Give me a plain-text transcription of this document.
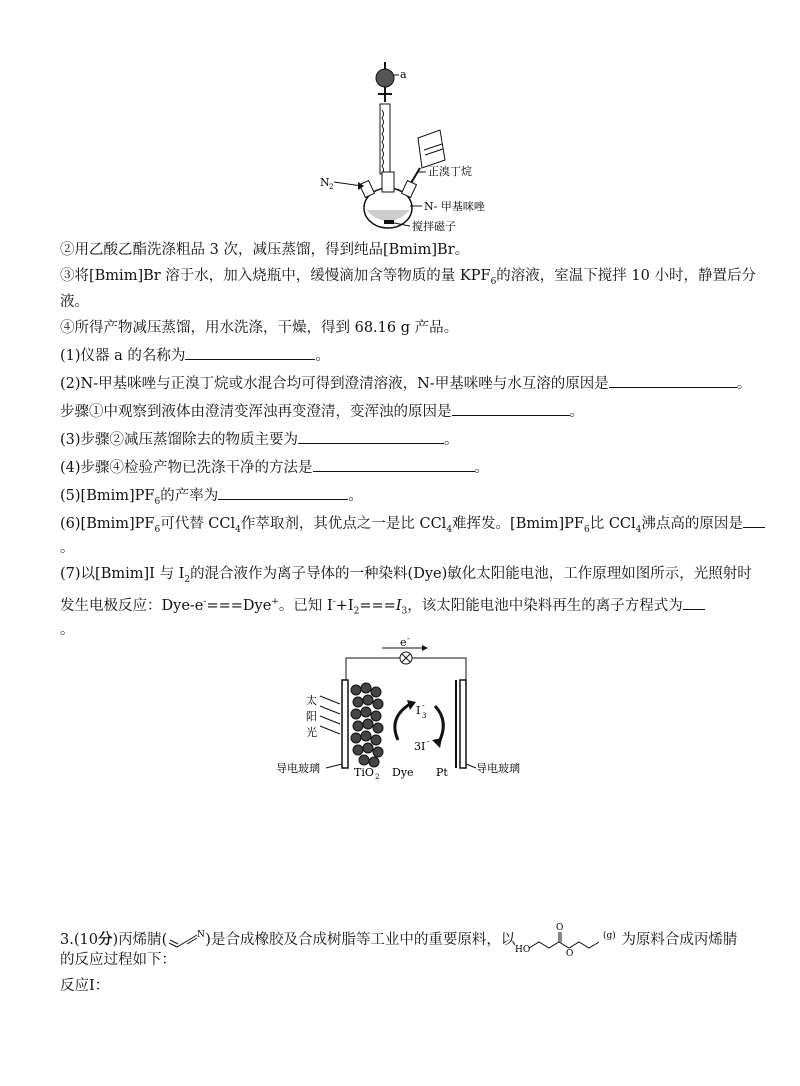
a
正溴丁烷
N 2
N- 甲基咪唑
搅拌磁子
②用乙酸乙酯洗涤粗品 3 次，减压蒸馏，得到纯品[Bmim]Br。
③将[Bmim]Br 溶于水，加入烧瓶中，缓慢滴加含等物质的量 $KPF_6$的溶液，室温下搅拌 10 小时，静置后分
液。
④所得产物减压蒸馏，用水洗涤，干燥，得到 68.16 g 产品。
(1)仪器 a 的名称为	。
(2)N-甲基咪唑与正溴丁烷或水混合均可得到澄清溶液，N-甲基咪唑与水互溶的原因是	。
步骤①中观察到液体由澄清变浑浊再变澄清，变浑浊的原因是	。
(3)步骤②减压蒸馏除去的物质主要为	。
(4)步骤④检验产物已洗涤干净的方法是	。
$(5)[Bmim]PF_6$的产率为	。
$(6)[Bmim]PF_6$可代替 CCl$_4$作萃取剂，其优点之一是比 CCl$_4$难挥发。$[Bmim]PF_6$比 CCl$_4$沸点高的原因是
。
(7)以[Bmim]I 与 $I_2$的混合液作为离子导体的一种染料(Dye)敏化太阳能电池，工作原理如图所示，光照射时
发生电极反应：Dye-e-===Dye+。已知 $I^-+I_2===I_3$，该太阳能电池中染料再生的离子方程式为
。
e -
太
阳
光
I -
3
3I -
导电玻璃	TiO 2 Dye Pt	导电玻璃
3.(10分)丙烯腈(	N )是合成橡胶及合成树脂等工业中的重要原料，以
HO
O
O
(g) 为原料合成丙烯腈
的反应过程如下：
反应Ⅰ：
